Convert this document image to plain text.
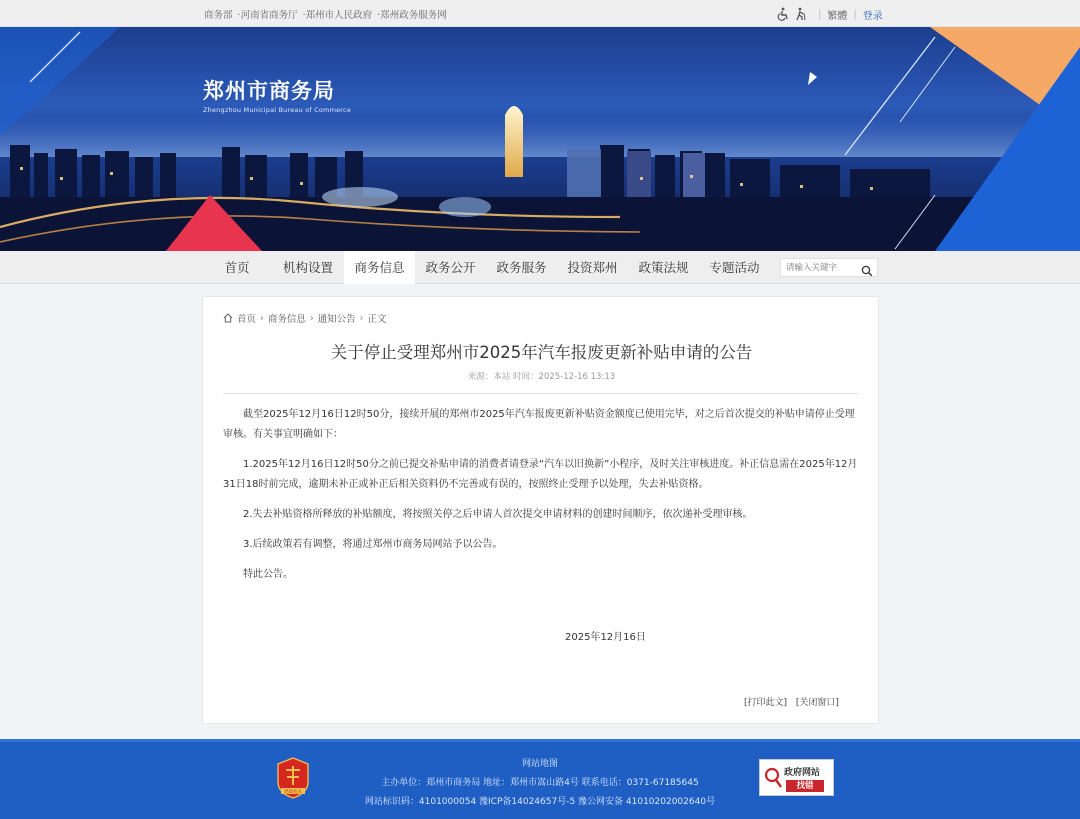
商务部 ·河南省商务厅 ·郑州市人民政府 ·郑州政务服务网	| 繁體 | 登录
郑州市商务局
Zhengzhou Municipal Bureau of Commerce
首页	机构设置	商务信息	政务公开	政务服务	投资郑州	政策法规	专题活动
请输入关键字
首页 › 商务信息 › 通知公告 › 正文
关于停止受理郑州市2025年汽车报废更新补贴申请的公告
来源：本站 时间：2025-12-16 13:13
截至2025年12月16日12时50分，接续开展的郑州市2025年汽车报废更新补贴资金额度已使用完毕，对之后首次提交的补贴申请停止受理审核。有关事宜明确如下：
1.2025年12月16日12时50分之前已提交补贴申请的消费者请登录“汽车以旧换新”小程序，及时关注审核进度。补正信息需在2025年12月31日18时前完成，逾期未补正或补正后相关资料仍不完善或有误的，按照终止受理予以处理，失去补贴资格。
2.失去补贴资格所释放的补贴额度，将按照关停之后申请人首次提交申请材料的创建时间顺序，依次递补受理审核。
3.后续政策若有调整，将通过郑州市商务局网站予以公告。
特此公告。
2025年12月16日
[打印此文] [关闭窗口]
党政机关
网站地图
主办单位：郑州市商务局 地址：郑州市嵩山路4号 联系电话：0371-67185645
网站标识码：4101000054 豫ICP备14024657号-5 豫公网安备 41010202002640号
政府网站
找错
